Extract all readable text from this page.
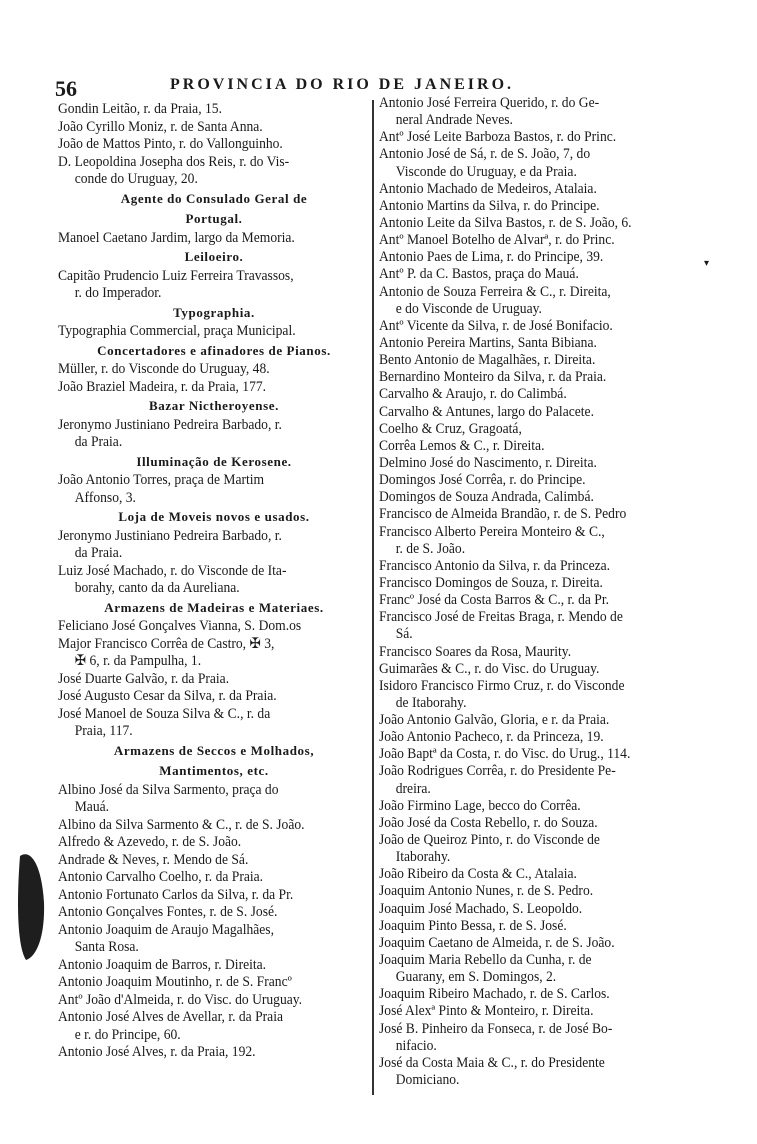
56	PROVINCIA DO RIO DE JANEIRO.
Gondin Leitão, r. da Praia, 15.
João Cyrillo Moniz, r. de Santa Anna.
João de Mattos Pinto, r. do Vallonguinho.
D. Leopoldina Josepha dos Reis, r. do Vis-
conde do Uruguay, 20.
Agente do Consulado Geral de
Portugal.
Manoel Caetano Jardim, largo da Memoria.
Leiloeiro.
Capitão Prudencio Luiz Ferreira Travassos,
r. do Imperador.
Typographia.
Typographia Commercial, praça Municipal.
Concertadores e afinadores de Pianos.
Müller, r. do Visconde do Uruguay, 48.
João Braziel Madeira, r. da Praia, 177.
Bazar Nictheroyense.
Jeronymo Justiniano Pedreira Barbado, r.
da Praia.
Illuminação de Kerosene.
João Antonio Torres, praça de Martim
Affonso, 3.
Loja de Moveis novos e usados.
Jeronymo Justiniano Pedreira Barbado, r.
da Praia.
Luiz José Machado, r. do Visconde de Ita-
borahy, canto da da Aureliana.
Armazens de Madeiras e Materiaes.
Feliciano José Gonçalves Vianna, S. Dom.os
Major Francisco Corrêa de Castro, ✠ 3,
✠ 6, r. da Pampulha, 1.
José Duarte Galvão, r. da Praia.
José Augusto Cesar da Silva, r. da Praia.
José Manoel de Souza Silva & C., r. da
Praia, 117.
Armazens de Seccos e Molhados,
Mantimentos, etc.
Albino José da Silva Sarmento, praça do
Mauá.
Albino da Silva Sarmento & C., r. de S. João.
Alfredo & Azevedo, r. de S. João.
Andrade & Neves, r. Mendo de Sá.
Antonio Carvalho Coelho, r. da Praia.
Antonio Fortunato Carlos da Silva, r. da Pr.
Antonio Gonçalves Fontes, r. de S. José.
Antonio Joaquim de Araujo Magalhães,
Santa Rosa.
Antonio Joaquim de Barros, r. Direita.
Antonio Joaquim Moutinho, r. de S. Francº
Antº João d'Almeida, r. do Visc. do Uruguay.
Antonio José Alves de Avellar, r. da Praia
e r. do Principe, 60.
Antonio José Alves, r. da Praia, 192.
Antonio José Ferreira Querido, r. do Ge-
neral Andrade Neves.
Antº José Leite Barboza Bastos, r. do Princ.
Antonio José de Sá, r. de S. João, 7, do
Visconde do Uruguay, e da Praia.
Antonio Machado de Medeiros, Atalaia.
Antonio Martins da Silva, r. do Principe.
Antonio Leite da Silva Bastos, r. de S. João, 6.
Antº Manoel Botelho de Alvarª, r. do Princ.
Antonio Paes de Lima, r. do Principe, 39.
Antº P. da C. Bastos, praça do Mauá.
Antonio de Souza Ferreira & C., r. Direita,
e do Visconde de Uruguay.
Antº Vicente da Silva, r. de José Bonifacio.
Antonio Pereira Martins, Santa Bibiana.
Bento Antonio de Magalhães, r. Direita.
Bernardino Monteiro da Silva, r. da Praia.
Carvalho & Araujo, r. do Calimbá.
Carvalho & Antunes, largo do Palacete.
Coelho & Cruz, Gragoatá,
Corrêa Lemos & C., r. Direita.
Delmino José do Nascimento, r. Direita.
Domingos José Corrêa, r. do Principe.
Domingos de Souza Andrada, Calimbá.
Francisco de Almeida Brandão, r. de S. Pedro
Francisco Alberto Pereira Monteiro & C.,
r. de S. João.
Francisco Antonio da Silva, r. da Princeza.
Francisco Domingos de Souza, r. Direita.
Francº José da Costa Barros & C., r. da Pr.
Francisco José de Freitas Braga, r. Mendo de
Sá.
Francisco Soares da Rosa, Maurity.
Guimarães & C., r. do Visc. do Uruguay.
Isidoro Francisco Firmo Cruz, r. do Visconde
de Itaborahy.
João Antonio Galvão, Gloria, e r. da Praia.
João Antonio Pacheco, r. da Princeza, 19.
João Baptª da Costa, r. do Visc. do Urug., 114.
João Rodrigues Corrêa, r. do Presidente Pe-
dreira.
João Firmino Lage, becco do Corrêa.
João José da Costa Rebello, r. do Souza.
João de Queiroz Pinto, r. do Visconde de
Itaborahy.
João Ribeiro da Costa & C., Atalaia.
Joaquim Antonio Nunes, r. de S. Pedro.
Joaquim José Machado, S. Leopoldo.
Joaquim Pinto Bessa, r. de S. José.
Joaquim Caetano de Almeida, r. de S. João.
Joaquim Maria Rebello da Cunha, r. de
Guarany, em S. Domingos, 2.
Joaquim Ribeiro Machado, r. de S. Carlos.
José Alexª Pinto & Monteiro, r. Direita.
José B. Pinheiro da Fonseca, r. de José Bo-
nifacio.
José da Costa Maia & C., r. do Presidente
Domiciano.
▾
